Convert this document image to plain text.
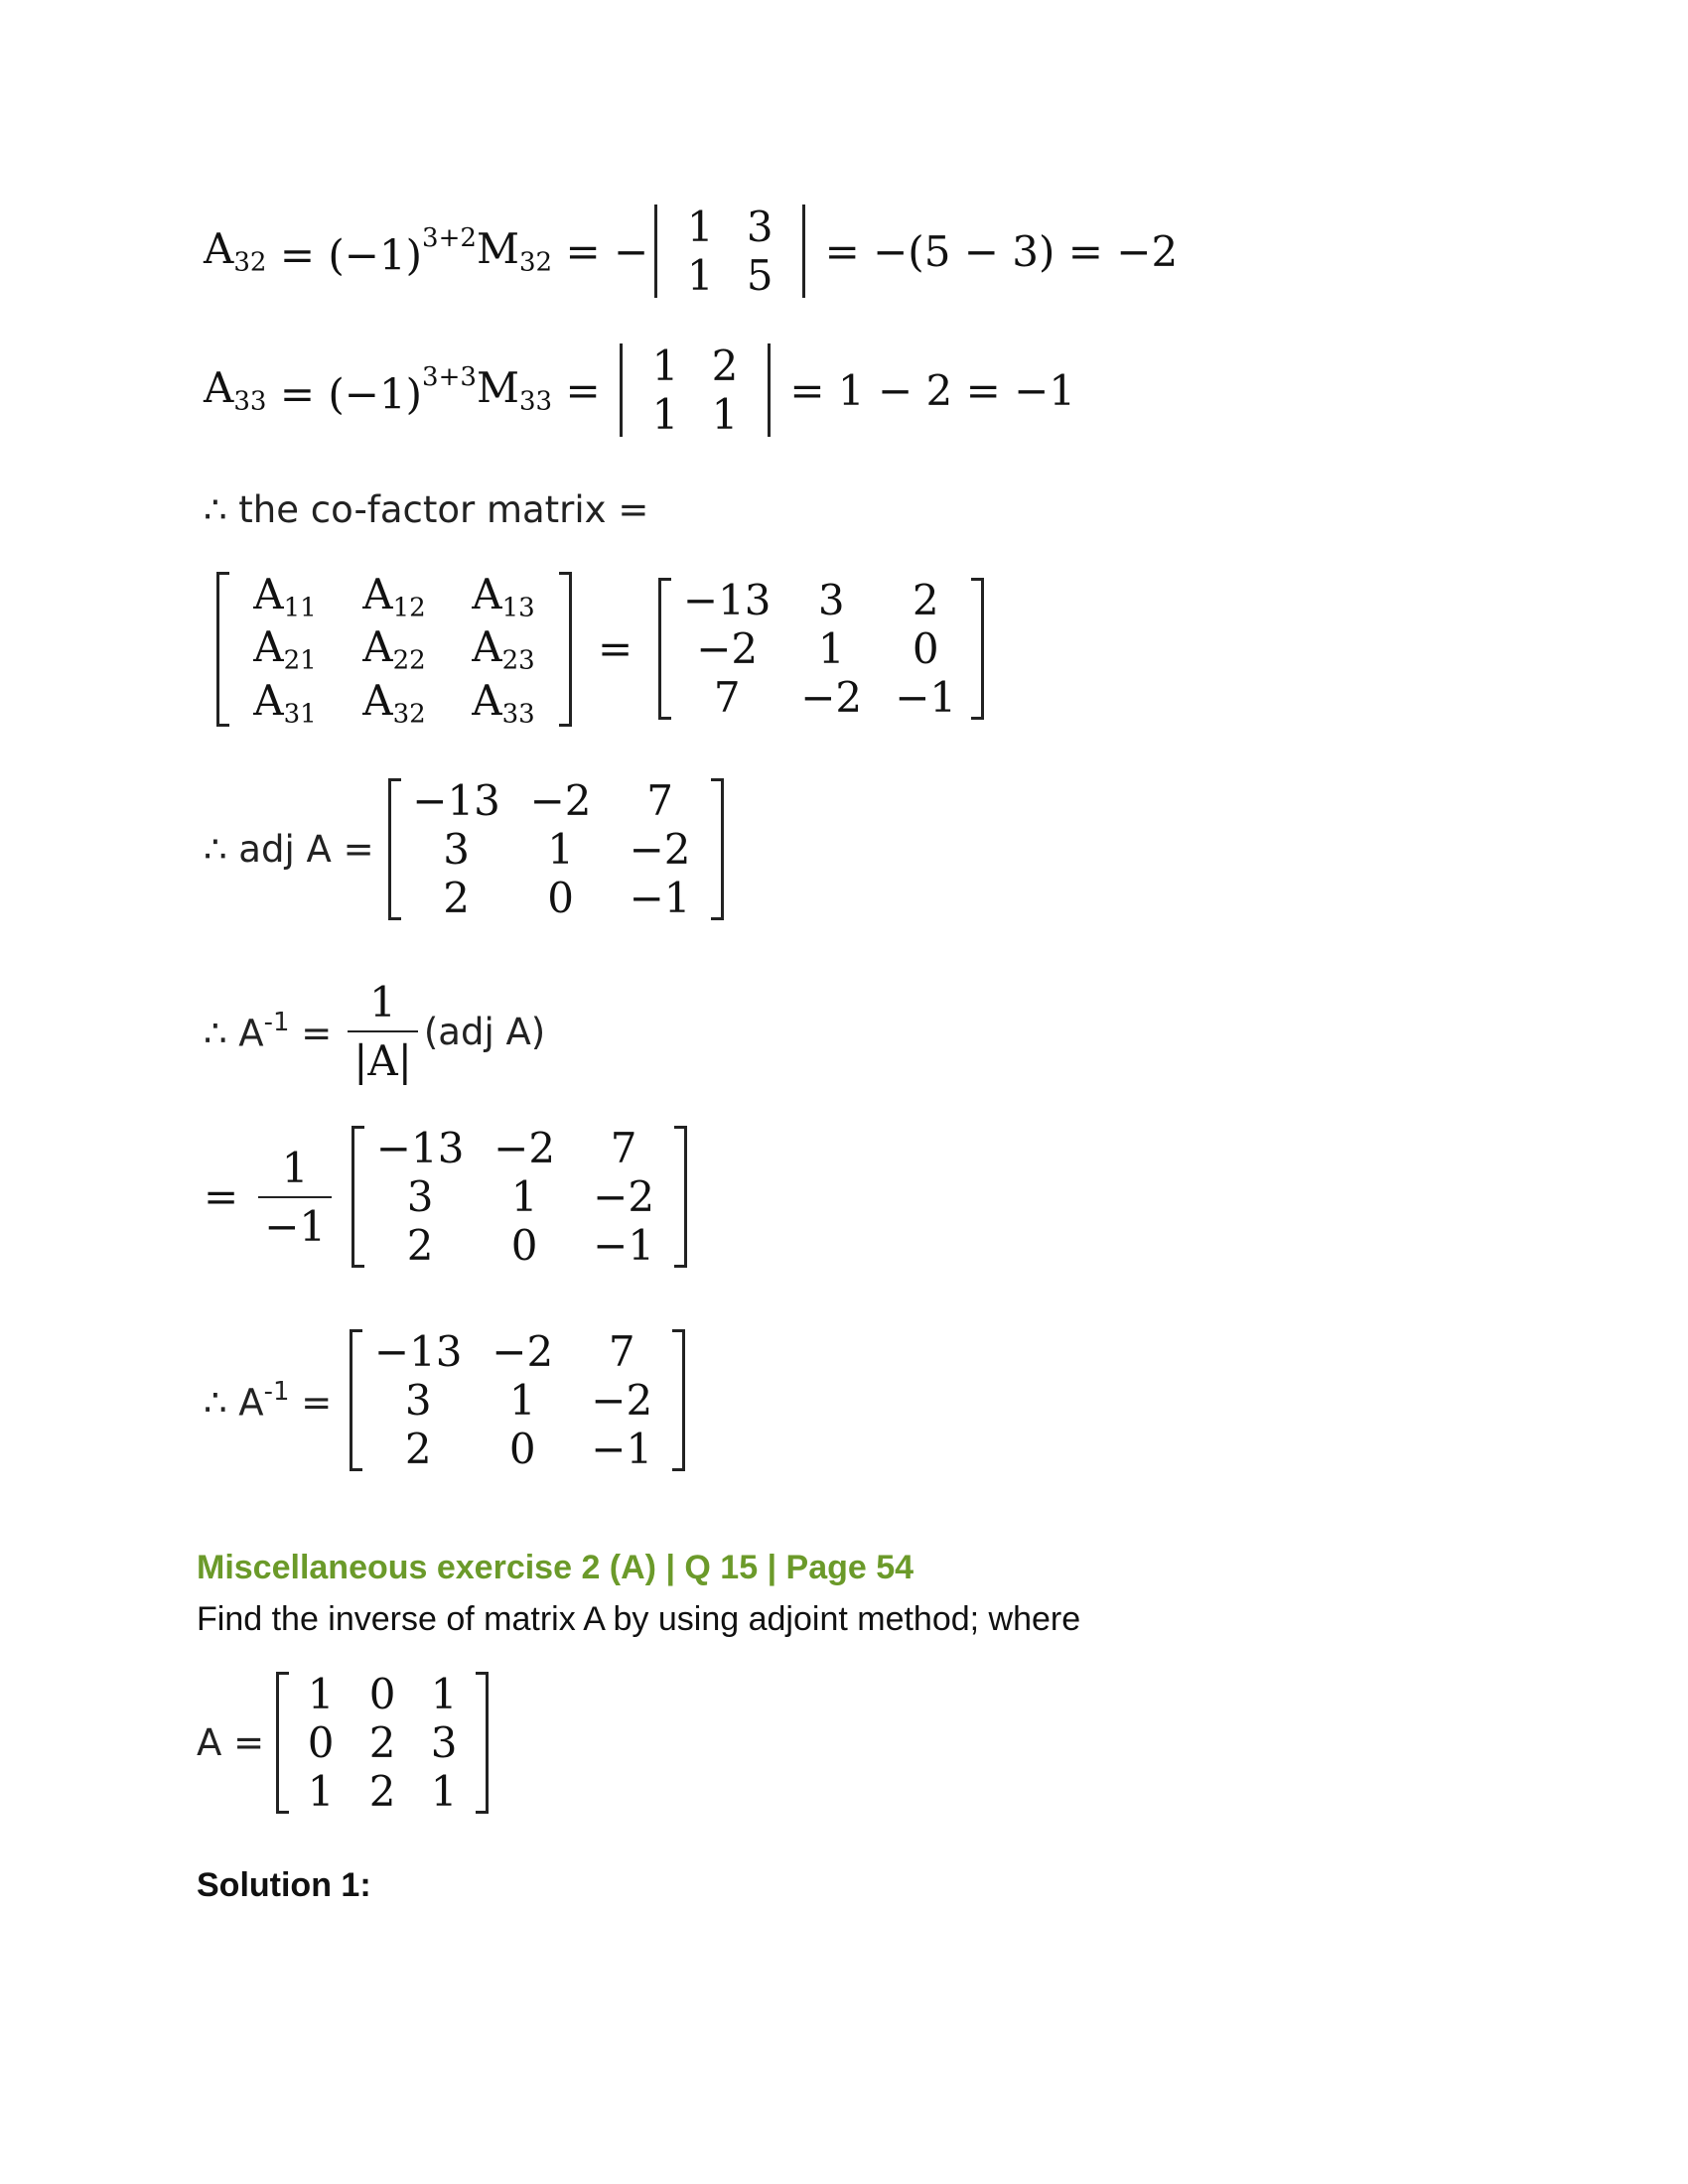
$A_{32} = (-1)^{3+2}$ $M_{32}$ = − 1 3
1 5 = −(5 − 3) = −2
$A_{33} = (-1)^{3+3}$ $M_{33} = 1$ 2
1 1 = 1 − 2 = −1
∴ the co-factor matrix =
$A_{11}$	$A_{12}$	$A_{13}$
$A_{21}$	$A_{22}$	$A_{23}$
$A_{31}$	$A_{32}$	$A_{33}$
=
−13	3	2
−2	1	0
7	−2 −1
∴ adj A =
−13 −2	7
3	1	−2
2	0	−1
∴ $A^{-1} = \frac{1}{|A|} (adj$ A)
= $\frac{1}{-1} -13 -2$	7
3	1	−2
2	0	−1
∴ $A^{-1}$ =
−13 −2	7
3	1	−2
2	0	−1
Miscellaneous exercise 2 (A) | Q 15 | Page 54
Find the inverse of matrix A by using adjoint method; where
A =
1 0 1
0 2 3
1 2 1
Solution 1:
